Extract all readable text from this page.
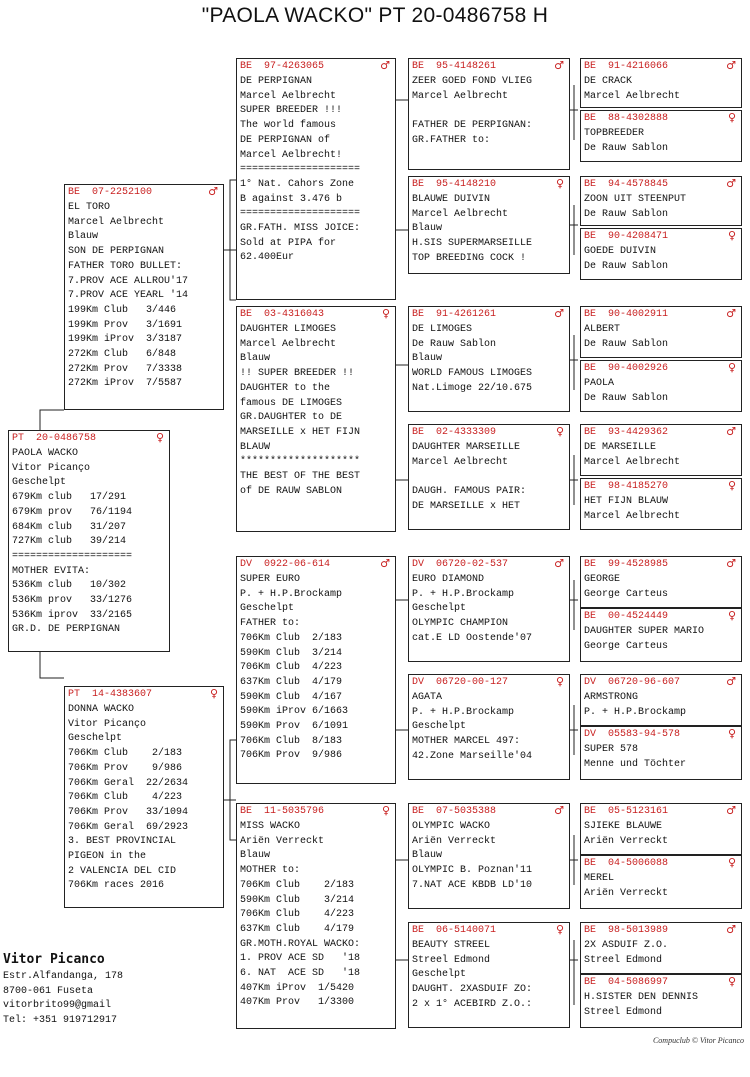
"PAOLA WACKO" PT 20-0486758 H
PT  20-0486758	♀
PAOLA WACKO
Vitor Picanço
Geschelpt
679Km club   17/291
679Km prov   76/1194
684Km club   31/207
727Km club   39/214
====================
MOTHER EVITA:
536Km club   10/302
536Km prov   33/1276
536Km iprov  33/2165
GR.D. DE PERPIGNAN
BE  07-2252100	♂
EL TORO
Marcel Aelbrecht
Blauw
SON DE PERPIGNAN
FATHER TORO BULLET:
7.PROV ACE ALLROU'17
7.PROV ACE YEARL '14
199Km Club   3/446
199Km Prov   3/1691
199Km iProv  3/3187
272Km Club   6/848
272Km Prov   7/3338
272Km iProv  7/5587
PT  14-4383607	♀
DONNA WACKO
Vitor Picanço
Geschelpt
706Km Club    2/183
706Km Prov    9/986
706Km Geral  22/2634
706Km Club    4/223
706Km Prov   33/1094
706Km Geral  69/2923
3. BEST PROVINCIAL
PIGEON in the
2 VALENCIA DEL CID
706Km races 2016
BE  97-4263065	♂
DE PERPIGNAN
Marcel Aelbrecht
SUPER BREEDER !!!
The world famous
DE PERPIGNAN of
Marcel Aelbrecht!
====================
1° Nat. Cahors Zone
B against 3.476 b
====================
GR.FATH. MISS JOICE:
Sold at PIPA for
62.400Eur
BE  03-4316043	♀
DAUGHTER LIMOGES
Marcel Aelbrecht
Blauw
!! SUPER BREEDER !!
DAUGHTER to the
famous DE LIMOGES
GR.DAUGHTER to DE
MARSEILLE x HET FIJN
BLAUW
********************
THE BEST OF THE BEST
of DE RAUW SABLON
DV  0922-06-614	♂
SUPER EURO
P. + H.P.Brockamp
Geschelpt
FATHER to:
706Km Club  2/183
590Km Club  3/214
706Km Club  4/223
637Km Club  4/179
590Km Club  4/167
590Km iProv 6/1663
590Km Prov  6/1091
706Km Club  8/183
706Km Prov  9/986
BE  11-5035796	♀
MISS WACKO
Ariën Verreckt
Blauw
MOTHER to:
706Km Club    2/183
590Km Club    3/214
706Km Club    4/223
637Km Club    4/179
GR.MOTH.ROYAL WACKO:
1. PROV ACE SD   '18
6. NAT  ACE SD   '18
407Km iProv  1/5420
407Km Prov   1/3300
BE  95-4148261	♂
ZEER GOED FOND VLIEG
Marcel Aelbrecht

FATHER DE PERPIGNAN:
GR.FATHER to:
BE  95-4148210	♀
BLAUWE DUIVIN
Marcel Aelbrecht
Blauw
H.SIS SUPERMARSEILLE
TOP BREEDING COCK !
BE  91-4261261	♂
DE LIMOGES
De Rauw Sablon
Blauw
WORLD FAMOUS LIMOGES
Nat.Limoge 22/10.675
BE  02-4333309	♀
DAUGHTER MARSEILLE
Marcel Aelbrecht

DAUGH. FAMOUS PAIR:
DE MARSEILLE x HET
DV  06720-02-537	♂
EURO DIAMOND
P. + H.P.Brockamp
Geschelpt
OLYMPIC CHAMPION
cat.E LD Oostende'07
DV  06720-00-127	♀
AGATA
P. + H.P.Brockamp
Geschelpt
MOTHER MARCEL 497:
42.Zone Marseille'04
BE  07-5035388	♂
OLYMPIC WACKO
Ariën Verreckt
Blauw
OLYMPIC B. Poznan'11
7.NAT ACE KBDB LD'10
BE  06-5140071	♀
BEAUTY STREEL
Streel Edmond
Geschelpt
DAUGHT. 2XASDUIF ZO:
2 x 1° ACEBIRD Z.O.:
BE  91-4216066	♂
DE CRACK
Marcel Aelbrecht
BE  88-4302888	♀
TOPBREEDER
De Rauw Sablon
BE  94-4578845	♂
ZOON UIT STEENPUT
De Rauw Sablon
BE  90-4208471	♀
GOEDE DUIVIN
De Rauw Sablon
BE  90-4002911	♂
ALBERT
De Rauw Sablon
BE  90-4002926	♀
PAOLA
De Rauw Sablon
BE  93-4429362	♂
DE MARSEILLE
Marcel Aelbrecht
BE  98-4185270	♀
HET FIJN BLAUW
Marcel Aelbrecht
BE  99-4528985	♂
GEORGE
George Carteus
BE  00-4524449	♀
DAUGHTER SUPER MARIO
George Carteus
DV  06720-96-607	♂
ARMSTRONG
P. + H.P.Brockamp
DV  05583-94-578	♀
SUPER 578
Menne und Töchter
BE  05-5123161	♂
SJIEKE BLAUWE
Ariën Verreckt
BE  04-5006088	♀
MEREL
Ariën Verreckt
BE  98-5013989	♂
2X ASDUIF Z.O.
Streel Edmond
BE  04-5086997	♀
H.SISTER DEN DENNIS
Streel Edmond
Vitor Picanco
Estr.Alfandanga, 178
8700-061 Fuseta
vitorbrito99@gmail
Tel: +351 919712917
Compuclub © Vitor Picanco
